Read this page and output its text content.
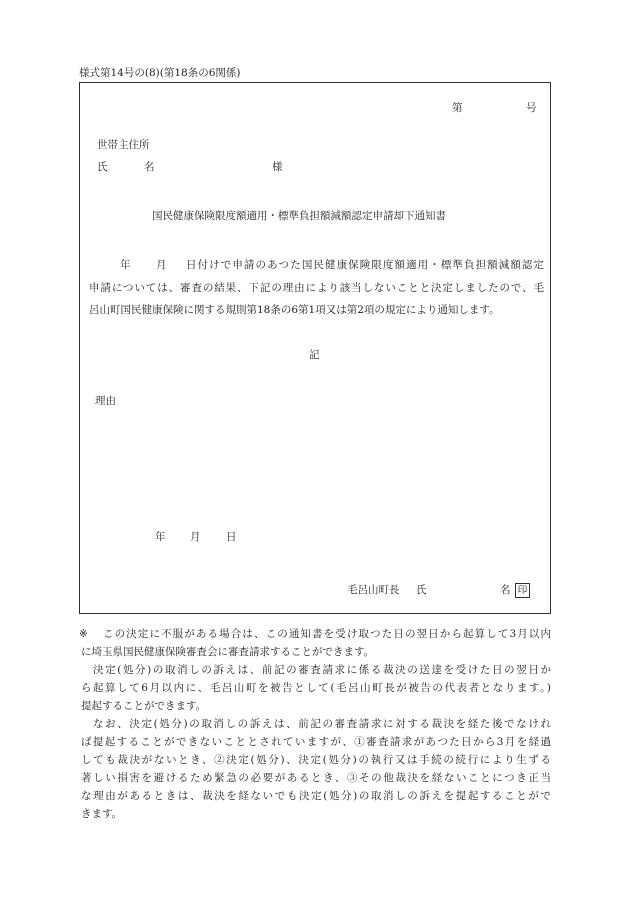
様式第14号の(8)(第18条の6関係)
第	号
世帯主住所
氏	名	様
国民健康保険限度額適用・標準負担額減額認定申請却下通知書
年 月 日付けで申請のあつた国民健康保険限度額適用・標準負担額減額認定
申請については、審査の結果、下記の理由により該当しないことと決定しましたので、毛
呂山町国民健康保険に関する規則第18条の6第1項又は第2項の規定により通知します。
記
理由
年 月 日
毛呂山町長 氏	名 印
※ この決定に不服がある場合は、この通知書を受け取つた日の翌日から起算して3月以内
に埼玉県国民健康保険審査会に審査請求することができます。
決定(処分)の取消しの訴えは、前記の審査請求に係る裁決の送達を受けた日の翌日か
ら起算して6月以内に、毛呂山町を被告として(毛呂山町長が被告の代表者となります。)
提起することができます。
なお、決定(処分)の取消しの訴えは、前記の審査請求に対する裁決を経た後でなけれ
ば提起することができないこととされていますが、①審査請求があつた日から3月を経過
しても裁決がないとき、②決定(処分)、決定(処分)の執行又は手続の続行により生ずる
著しい損害を避けるため緊急の必要があるとき、③その他裁決を経ないことにつき正当
な理由があるときは、裁決を経ないでも決定(処分)の取消しの訴えを提起することがで
きます。
